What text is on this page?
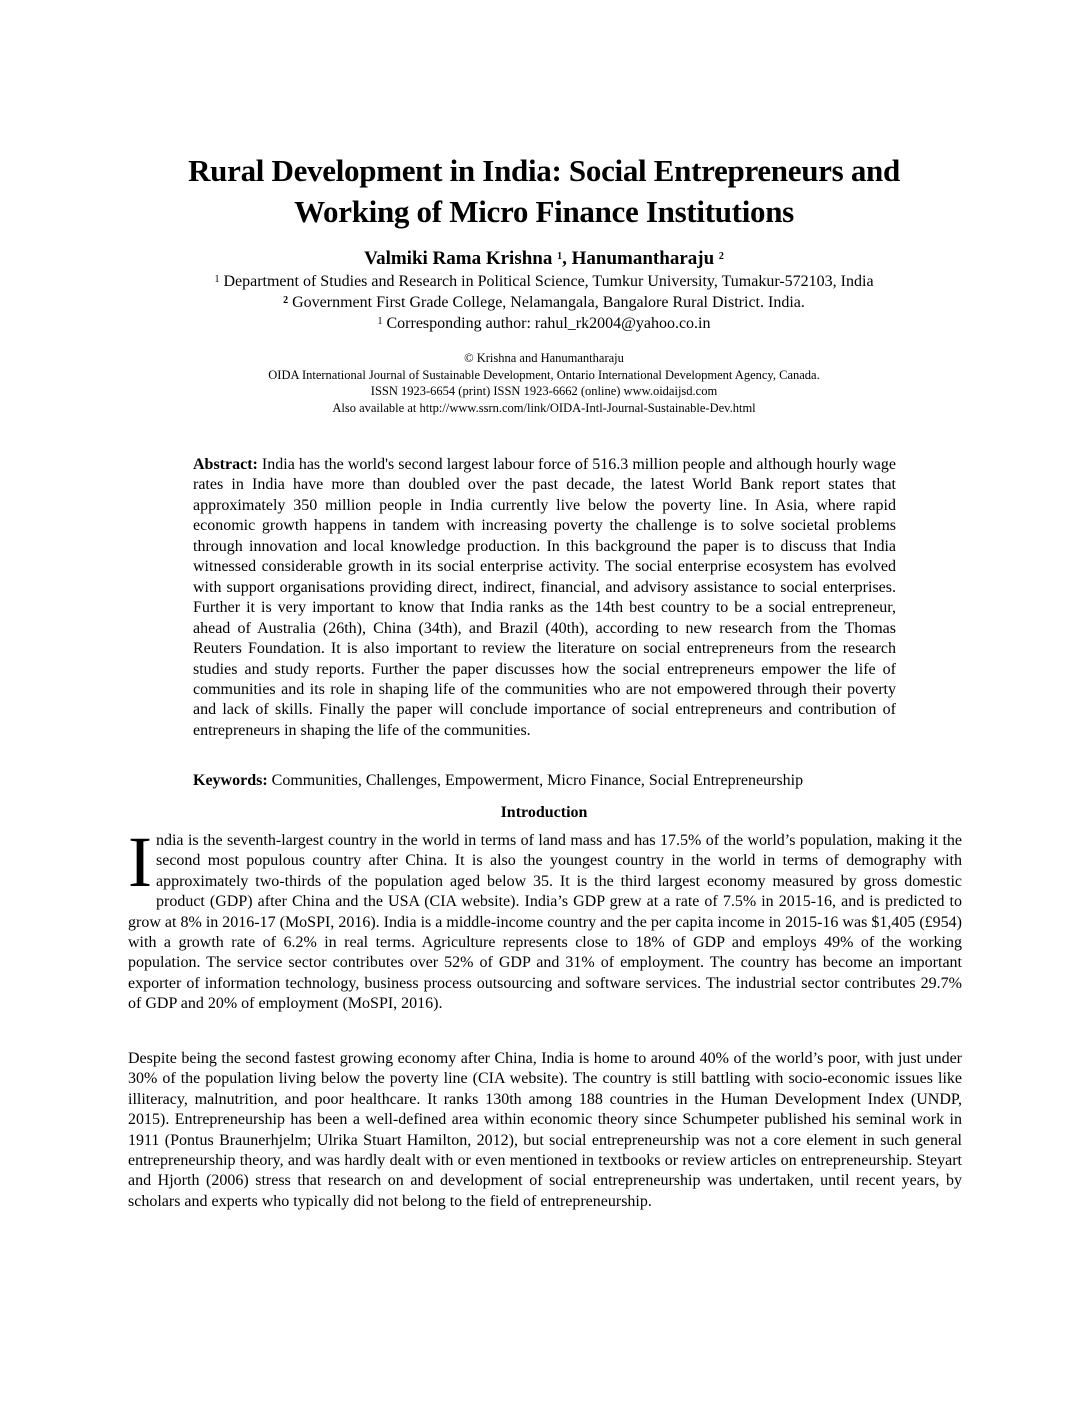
Rural Development in India: Social Entrepreneurs and
Working of Micro Finance Institutions
Valmiki Rama Krishna $^1$, Hanumantharaju $^2$
$^1$ Department of Studies and Research in Political Science, Tumkur University, Tumakur-572103, India
$^2$ Government First Grade College, Nelamangala, Bangalore Rural District. India.
$^1$ Corresponding author: rahul_rk2004@yahoo.co.in
© Krishna and Hanumantharaju
OIDA International Journal of Sustainable Development, Ontario International Development Agency, Canada.
ISSN 1923-6654 (print) ISSN 1923-6662 (online) www.oidaijsd.com
Also available at http://www.ssrn.com/link/OIDA-Intl-Journal-Sustainable-Dev.html
Abstract: India has the world's second largest labour force of 516.3 million people and although hourly wage rates in India have more than doubled over the past decade, the latest World Bank report states that approximately 350 million people in India currently live below the poverty line. In Asia, where rapid economic growth happens in tandem with increasing poverty the challenge is to solve societal problems through innovation and local knowledge production. In this background the paper is to discuss that India witnessed considerable growth in its social enterprise activity. The social enterprise ecosystem has evolved with support organisations providing direct, indirect, financial, and advisory assistance to social enterprises. Further it is very important to know that India ranks as the 14th best country to be a social entrepreneur, ahead of Australia (26th), China (34th), and Brazil (40th), according to new research from the Thomas Reuters Foundation. It is also important to review the literature on social entrepreneurs from the research studies and study reports. Further the paper discusses how the social entrepreneurs empower the life of communities and its role in shaping life of the communities who are not empowered through their poverty and lack of skills. Finally the paper will conclude importance of social entrepreneurs and contribution of entrepreneurs in shaping the life of the communities.
Keywords: Communities, Challenges, Empowerment, Micro Finance, Social Entrepreneurship
Introduction
India is the seventh-largest country in the world in terms of land mass and has 17.5% of the world’s population, making it the second most populous country after China. It is also the youngest country in the world in terms of demography with approximately two-thirds of the population aged below 35. It is the third largest economy measured by gross domestic product (GDP) after China and the USA (CIA website). India’s GDP grew at a rate of 7.5% in 2015-16, and is predicted to grow at 8% in 2016-17 (MoSPI, 2016). India is a middle-income country and the per capita income in 2015-16 was $1,405 (£954) with a growth rate of 6.2% in real terms. Agriculture represents close to 18% of GDP and employs 49% of the working population. The service sector contributes over 52% of GDP and 31% of employment. The country has become an important exporter of information technology, business process outsourcing and software services. The industrial sector contributes 29.7% of GDP and 20% of employment (MoSPI, 2016).
Despite being the second fastest growing economy after China, India is home to around 40% of the world’s poor, with just under 30% of the population living below the poverty line (CIA website). The country is still battling with socio-economic issues like illiteracy, malnutrition, and poor healthcare. It ranks 130th among 188 countries in the Human Development Index (UNDP, 2015). Entrepreneurship has been a well-defined area within economic theory since Schumpeter published his seminal work in 1911 (Pontus Braunerhjelm; Ulrika Stuart Hamilton, 2012), but social entrepreneurship was not a core element in such general entrepreneurship theory, and was hardly dealt with or even mentioned in textbooks or review articles on entrepreneurship. Steyart and Hjorth (2006) stress that research on and development of social entrepreneurship was undertaken, until recent years, by scholars and experts who typically did not belong to the field of entrepreneurship.
